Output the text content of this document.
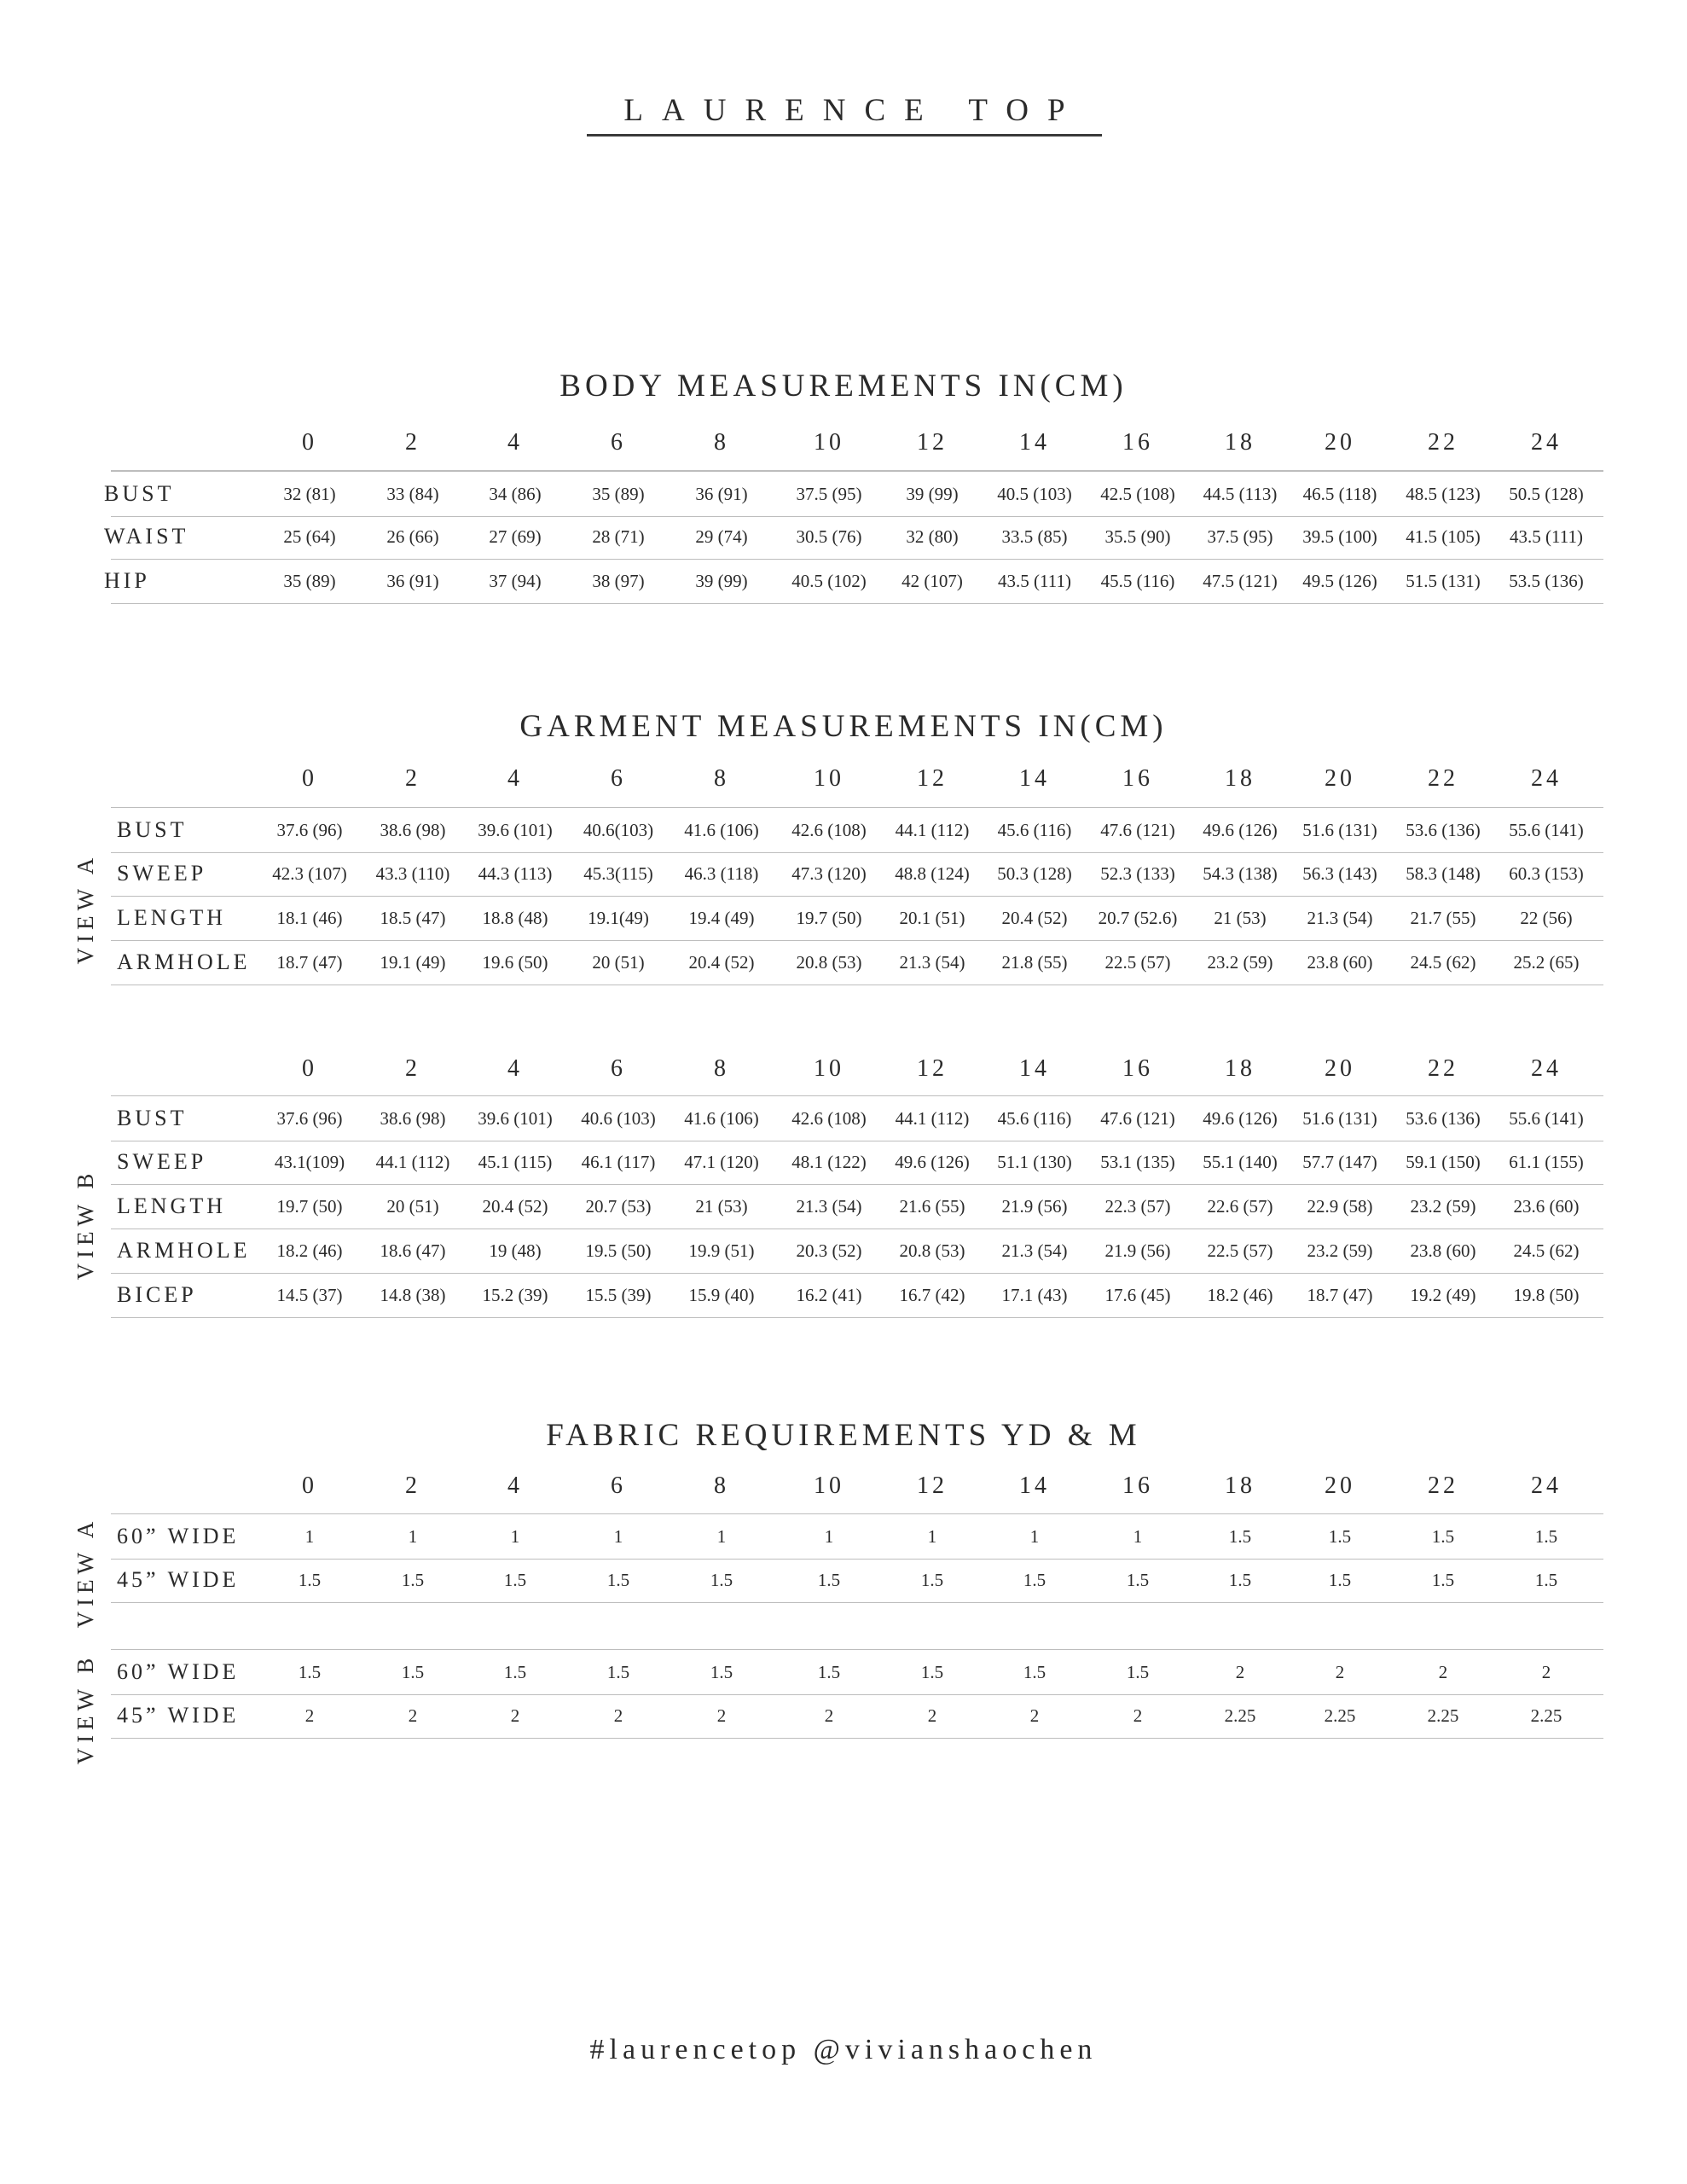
LAURENCE TOP
BODY MEASUREMENTS IN(CM)
0	2	4	6	8	10	12	14	16	18	20	22	24
BUST	32 (81)	33 (84)	34 (86)	35 (89)	36 (91)	37.5 (95)	39 (99)	40.5 (103)	42.5 (108)	44.5 (113)	46.5 (118)	48.5 (123)	50.5 (128)
WAIST	25 (64)	26 (66)	27 (69)	28 (71)	29 (74)	30.5 (76)	32 (80)	33.5 (85)	35.5 (90)	37.5 (95)	39.5 (100)	41.5 (105)	43.5 (111)
HIP	35 (89)	36 (91)	37 (94)	38 (97)	39 (99)	40.5 (102)	42 (107)	43.5 (111)	45.5 (116)	47.5 (121)	49.5 (126)	51.5 (131)	53.5 (136)
GARMENT MEASUREMENTS IN(CM)
0	2	4	6	8	10	12	14	16	18	20	22	24
BUST	37.6 (96)	38.6 (98)	39.6 (101)	40.6(103)	41.6 (106)	42.6 (108)	44.1 (112)	45.6 (116)	47.6 (121)	49.6 (126)	51.6 (131)	53.6 (136)	55.6 (141)
SWEEP	42.3 (107)	43.3 (110)	44.3 (113)	45.3(115)	46.3 (118)	47.3 (120)	48.8 (124)	50.3 (128)	52.3 (133)	54.3 (138)	56.3 (143)	58.3 (148)	60.3 (153)
LENGTH	18.1 (46)	18.5 (47)	18.8 (48)	19.1(49)	19.4 (49)	19.7 (50)	20.1 (51)	20.4 (52)	20.7 (52.6)	21 (53)	21.3 (54)	21.7 (55)	22 (56)
ARMHOLE	18.7 (47)	19.1 (49)	19.6 (50)	20 (51)	20.4 (52)	20.8 (53)	21.3 (54)	21.8 (55)	22.5 (57)	23.2 (59)	23.8 (60)	24.5 (62)	25.2 (65)
VIEW A
0	2	4	6	8	10	12	14	16	18	20	22	24
BUST	37.6 (96)	38.6 (98)	39.6 (101)	40.6 (103)	41.6 (106)	42.6 (108)	44.1 (112)	45.6 (116)	47.6 (121)	49.6 (126)	51.6 (131)	53.6 (136)	55.6 (141)
SWEEP	43.1(109)	44.1 (112)	45.1 (115)	46.1 (117)	47.1 (120)	48.1 (122)	49.6 (126)	51.1 (130)	53.1 (135)	55.1 (140)	57.7 (147)	59.1 (150)	61.1 (155)
LENGTH	19.7 (50)	20 (51)	20.4 (52)	20.7 (53)	21 (53)	21.3 (54)	21.6 (55)	21.9 (56)	22.3 (57)	22.6 (57)	22.9 (58)	23.2 (59)	23.6 (60)
ARMHOLE	18.2 (46)	18.6 (47)	19 (48)	19.5 (50)	19.9 (51)	20.3 (52)	20.8 (53)	21.3 (54)	21.9 (56)	22.5 (57)	23.2 (59)	23.8 (60)	24.5 (62)
BICEP	14.5 (37)	14.8 (38)	15.2 (39)	15.5 (39)	15.9 (40)	16.2 (41)	16.7 (42)	17.1 (43)	17.6 (45)	18.2 (46)	18.7 (47)	19.2 (49)	19.8 (50)
VIEW B
FABRIC REQUIREMENTS YD & M
0	2	4	6	8	10	12	14	16	18	20	22	24
60” WIDE	1	1	1	1	1	1	1	1	1	1.5	1.5	1.5	1.5
45” WIDE	1.5	1.5	1.5	1.5	1.5	1.5	1.5	1.5	1.5	1.5	1.5	1.5	1.5
VIEW A
60” WIDE	1.5	1.5	1.5	1.5	1.5	1.5	1.5	1.5	1.5	2	2	2	2
45” WIDE	2	2	2	2	2	2	2	2	2	2.25	2.25	2.25	2.25
VIEW B
#laurencetop @vivianshaochen
